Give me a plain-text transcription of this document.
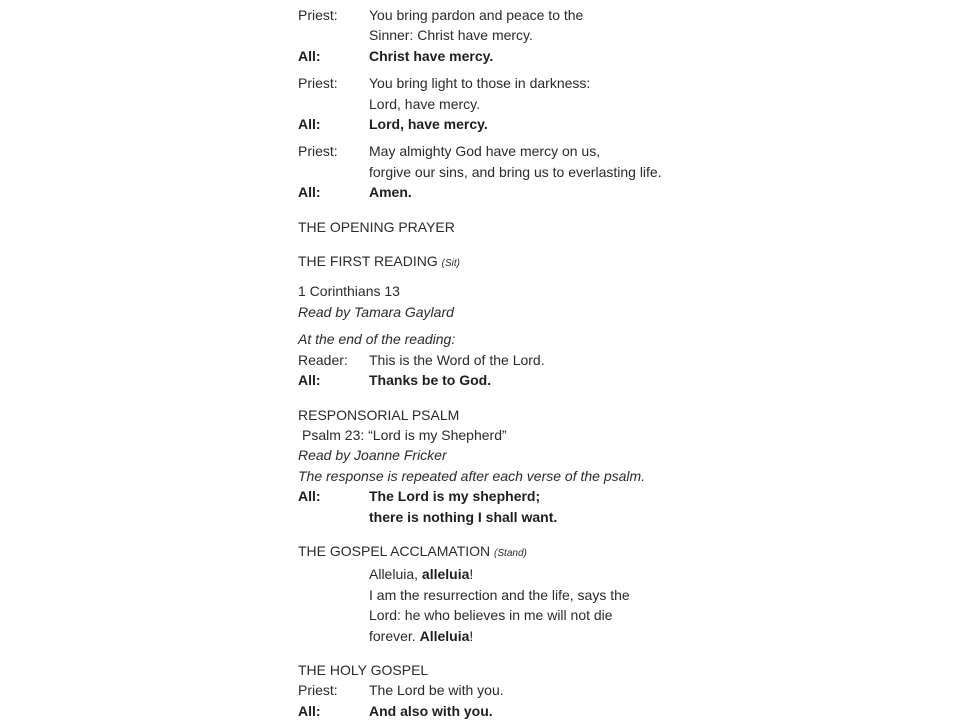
Priest:	You bring pardon and peace to the
Sinner: Christ have mercy.
All:	Christ have mercy.
Priest:	You bring light to those in darkness:
Lord, have mercy.
All:	Lord, have mercy.
Priest:	May almighty God have mercy on us,
forgive our sins, and bring us to everlasting life.
All:	Amen.
THE OPENING PRAYER
THE FIRST READING (Sit)
1 Corinthians 13
Read by Tamara Gaylard
At the end of the reading:
Reader:	This is the Word of the Lord.
All:	Thanks be to God.
RESPONSORIAL PSALM
Psalm 23: “Lord is my Shepherd”
Read by Joanne Fricker
The response is repeated after each verse of the psalm.
All:	The Lord is my shepherd;
there is nothing I shall want.
THE GOSPEL ACCLAMATION (Stand)
Alleluia, alleluia!
I am the resurrection and the life, says the
Lord: he who believes in me will not die
forever. Alleluia!
THE HOLY GOSPEL
Priest:	The Lord be with you.
All:	And also with you.
